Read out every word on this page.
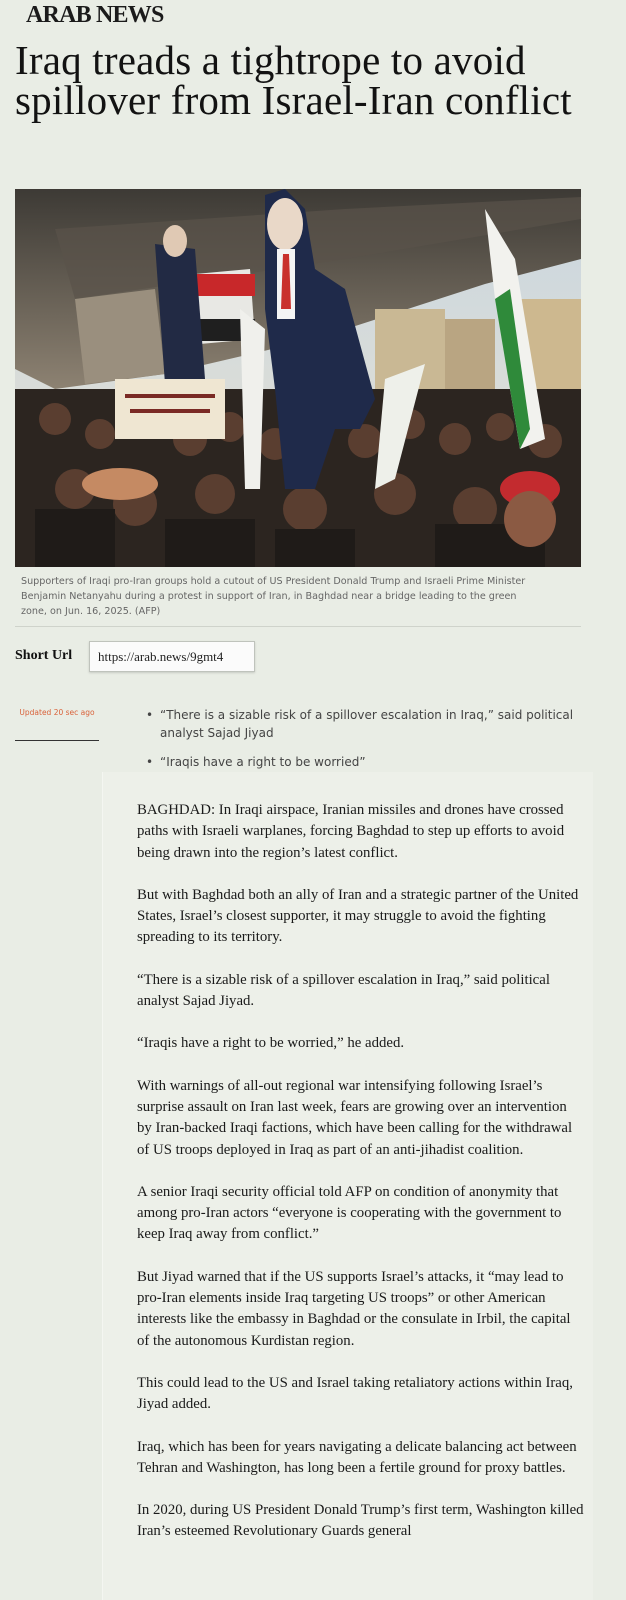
ARAB NEWS
Iraq treads a tightrope to avoid spillover from Israel-Iran conflict
Supporters of Iraqi pro-Iran groups hold a cutout of US President Donald Trump and Israeli Prime Minister Benjamin Netanyahu during a protest in support of Iran, in Baghdad near a bridge leading to the green zone, on Jun. 16, 2025. (AFP)
Short Url	https://arab.news/9gmt4
Updated 20 sec ago
•	“There is a sizable risk of a spillover escalation in Iraq,” said political analyst Sajad Jiyad
• “Iraqis have a right to be worried”

BAGHDAD: In Iraqi airspace, Iranian missiles and drones have crossed paths with Israeli warplanes, forcing Baghdad to step up efforts to avoid being drawn into the region’s latest conflict.

But with Baghdad both an ally of Iran and a strategic partner of the United States, Israel’s closest supporter, it may struggle to avoid the fighting spreading to its territory.

“There is a sizable risk of a spillover escalation in Iraq,” said political analyst Sajad Jiyad.

“Iraqis have a right to be worried,” he added.

With warnings of all-out regional war intensifying following Israel’s surprise assault on Iran last week, fears are growing over an intervention by Iran-backed Iraqi factions, which have been calling for the withdrawal of US troops deployed in Iraq as part of an anti-jihadist coalition.

A senior Iraqi security official told AFP on condition of anonymity that among pro-Iran actors “everyone is cooperating with the government to keep Iraq away from conflict.”

But Jiyad warned that if the US supports Israel’s attacks, it “may lead to pro-Iran elements inside Iraq targeting US troops” or other American interests like the embassy in Baghdad or the consulate in Irbil, the capital of the autonomous Kurdistan region.

This could lead to the US and Israel taking retaliatory actions within Iraq, Jiyad added.

Iraq, which has been for years navigating a delicate balancing act between Tehran and Washington, has long been a fertile ground for proxy battles.

In 2020, during US President Donald Trump’s first term, Washington killed Iran’s esteemed Revolutionary Guards general
